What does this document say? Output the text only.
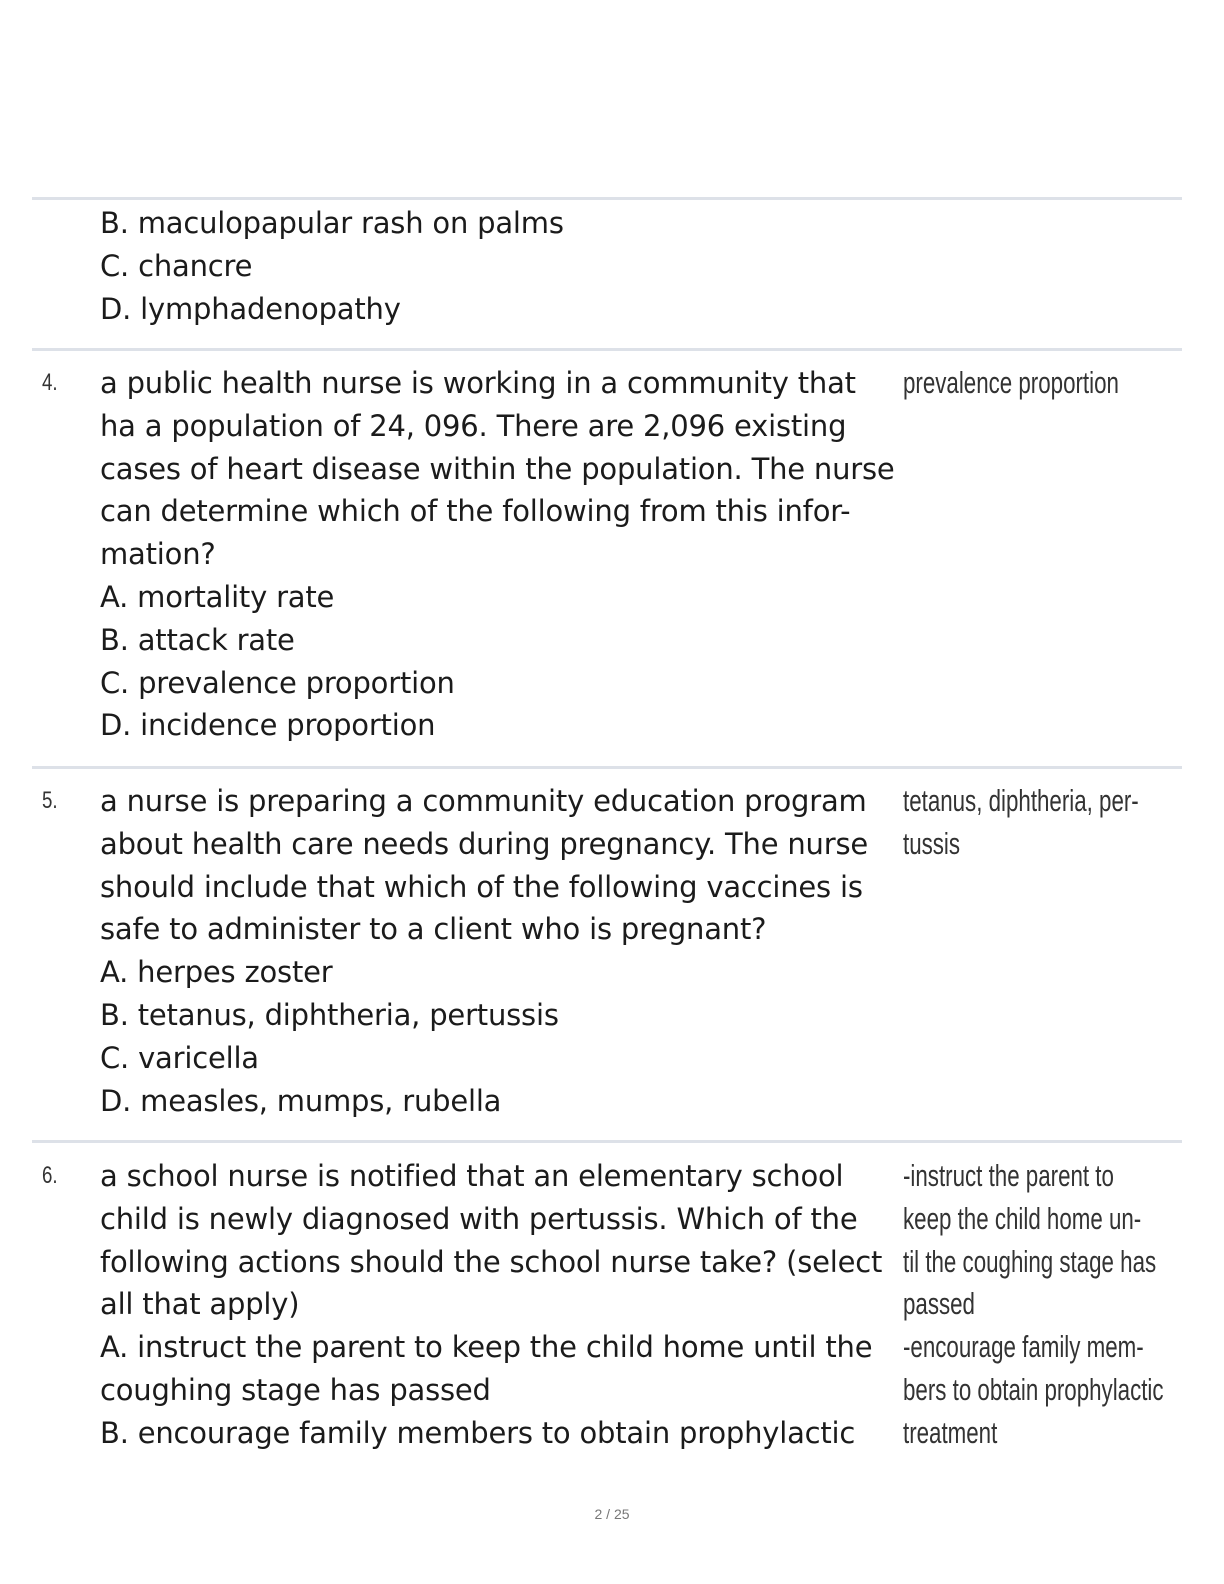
B. maculopapular rash on palms
C. chancre
D. lymphadenopathy
4. a public health nurse is working in a community that
ha a population of 24, 096. There are 2,096 existing
cases of heart disease within the population. The nurse
can determine which of the following from this infor-
mation?
A. mortality rate
B. attack rate
C. prevalence proportion
D. incidence proportion
prevalence proportion
5. a nurse is preparing a community education program
about health care needs during pregnancy. The nurse
should include that which of the following vaccines is
safe to administer to a client who is pregnant?
A. herpes zoster
B. tetanus, diphtheria, pertussis
C. varicella
D. measles, mumps, rubella
tetanus, diphtheria, per-
tussis
6. a school nurse is notified that an elementary school
child is newly diagnosed with pertussis. Which of the
following actions should the school nurse take? (select
all that apply)
A. instruct the parent to keep the child home until the
coughing stage has passed
B. encourage family members to obtain prophylactic
-instruct the parent to
keep the child home un-
til the coughing stage has
passed
-encourage family mem-
bers to obtain prophylactic
treatment
2 / 25
